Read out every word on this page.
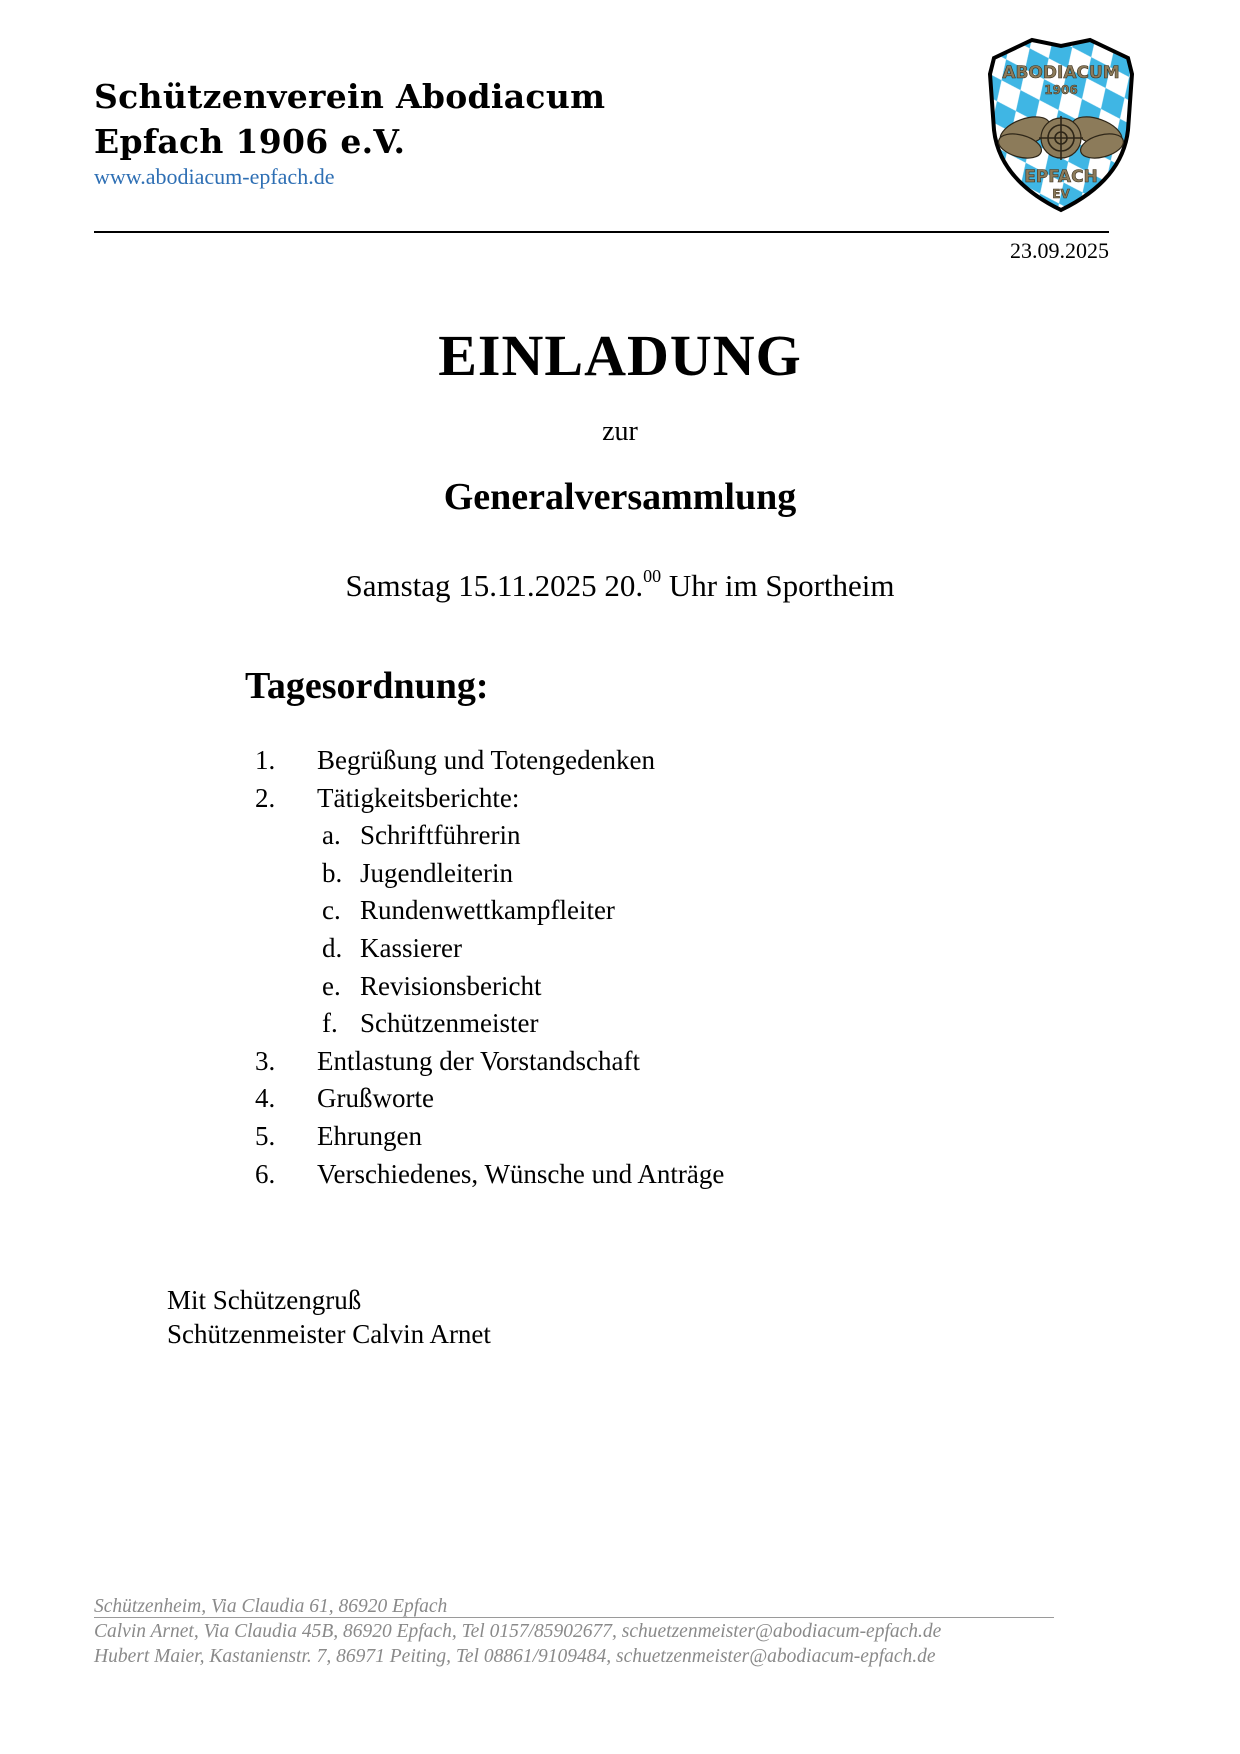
Schützenverein Abodiacum
Epfach 1906 e.V.
www.abodiacum-epfach.de
ABODIACUM
1906
EPFACH
EV
23.09.2025
EINLADUNG
zur
Generalversammlung
Samstag 15.11.2025 20.00 Uhr im Sportheim
Tagesordnung:
1. Begrüßung und Totengedenken
2. Tätigkeitsberichte:
a. Schriftführerin
b. Jugendleiterin
c. Rundenwettkampfleiter
d. Kassierer
e. Revisionsbericht
f. Schützenmeister
3. Entlastung der Vorstandschaft
4. Grußworte
5. Ehrungen
6. Verschiedenes, Wünsche und Anträge
Mit Schützengruß
Schützenmeister Calvin Arnet
Schützenheim, Via Claudia 61, 86920 Epfach
Calvin Arnet, Via Claudia 45B, 86920 Epfach, Tel 0157/85902677, schuetzenmeister@abodiacum-epfach.de
Hubert Maier, Kastanienstr. 7, 86971 Peiting, Tel 08861/9109484, schuetzenmeister@abodiacum-epfach.de
